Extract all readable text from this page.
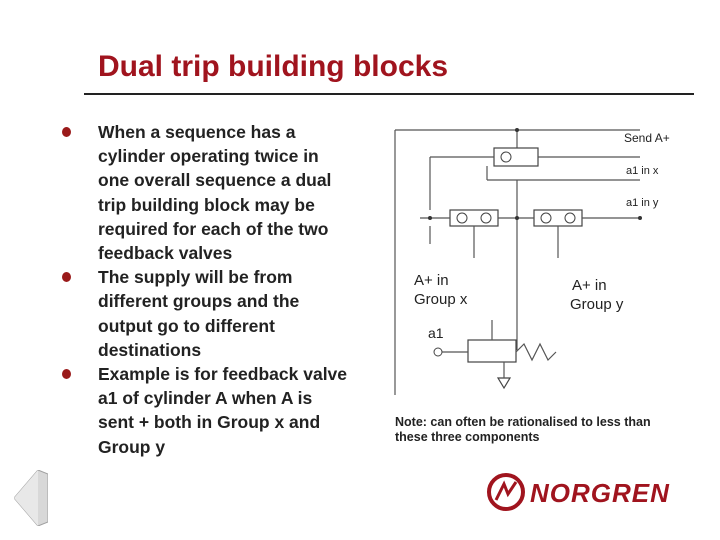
Dual trip building blocks
When a sequence has a cylinder operating twice in one overall sequence a dual trip building block may be required for each of the two feedback valves
The supply will be from different groups and the output go to different destinations
Example is for feedback valve a1 of cylinder A when A is sent + both in Group x and Group y
Send A+
a1 in x
a1 in y
A+ in
Group x
A+ in
Group y
a1
Note: can often be rationalised to less than these three components
NORGREN
